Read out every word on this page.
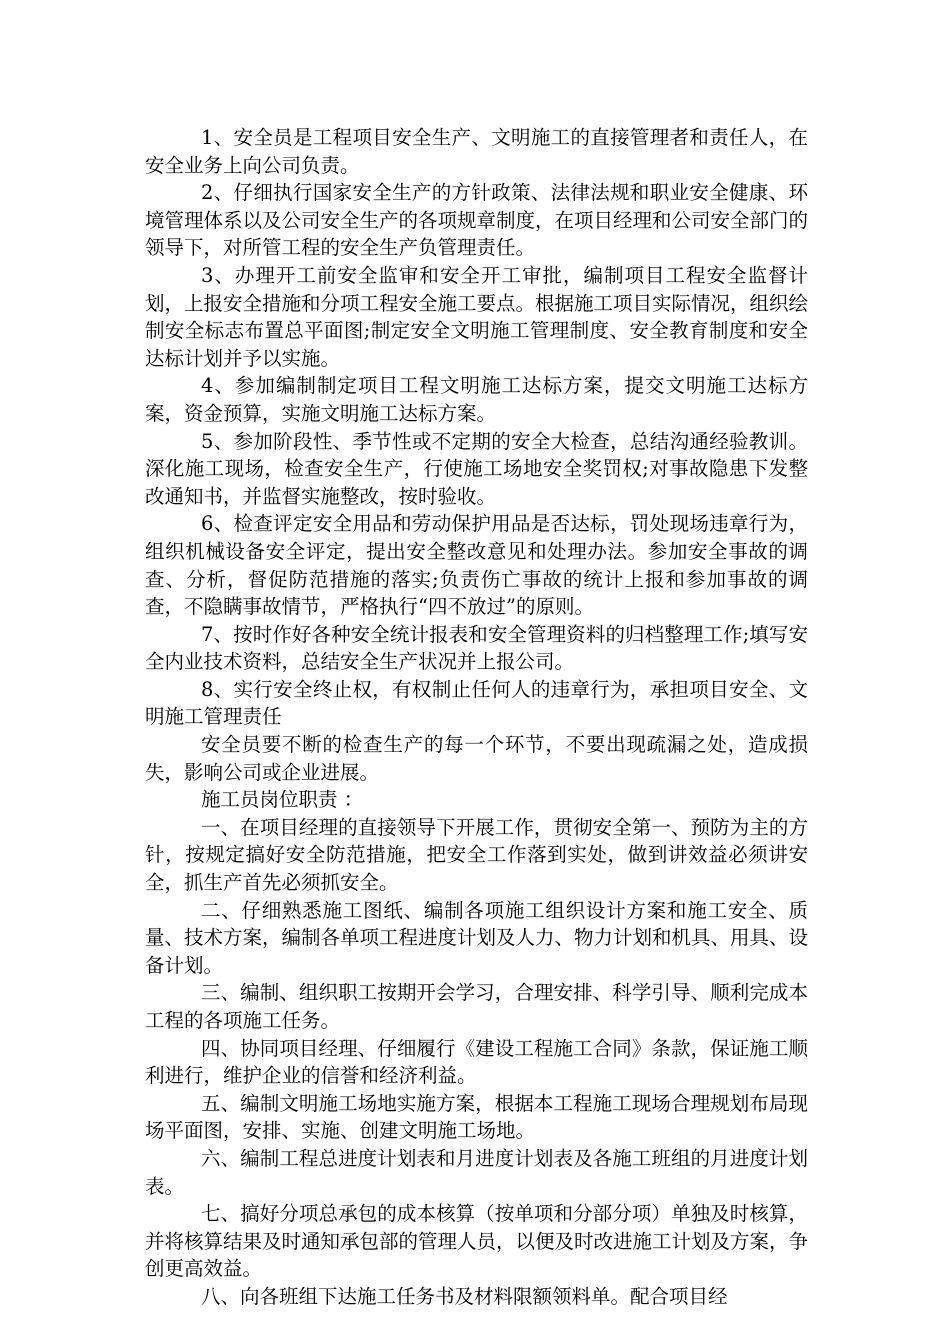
1、安全员是工程项目安全生产、文明施工的直接管理者和责任人，在安全业务上向公司负责。

2、仔细执行国家安全生产的方针政策、法律法规和职业安全健康、环境管理体系以及公司安全生产的各项规章制度，在项目经理和公司安全部门的领导下，对所管工程的安全生产负管理责任。

3、办理开工前安全监审和安全开工审批，编制项目工程安全监督计划，上报安全措施和分项工程安全施工要点。根据施工项目实际情况，组织绘制安全标志布置总平面图;制定安全文明施工管理制度、安全教育制度和安全达标计划并予以实施。

4、参加编制制定项目工程文明施工达标方案，提交文明施工达标方案，资金预算，实施文明施工达标方案。

5、参加阶段性、季节性或不定期的安全大检查，总结沟通经验教训。深化施工现场，检查安全生产，行使施工场地安全奖罚权;对事故隐患下发整改通知书，并监督实施整改，按时验收。

6、检查评定安全用品和劳动保护用品是否达标，罚处现场违章行为，组织机械设备安全评定，提出安全整改意见和处理办法。参加安全事故的调查、分析，督促防范措施的落实;负责伤亡事故的统计上报和参加事故的调查，不隐瞒事故情节，严格执行“四不放过”的原则。

7、按时作好各种安全统计报表和安全管理资料的归档整理工作;填写安全内业技术资料，总结安全生产状况并上报公司。

8、实行安全终止权，有权制止任何人的违章行为，承担项目安全、文明施工管理责任

安全员要不断的检查生产的每一个环节，不要出现疏漏之处，造成损失，影响公司或企业进展。

施工员岗位职责 ：

一、在项目经理的直接领导下开展工作，贯彻安全第一、预防为主的方针，按规定搞好安全防范措施，把安全工作落到实处，做到讲效益必须讲安全，抓生产首先必须抓安全。

二、仔细熟悉施工图纸、编制各项施工组织设计方案和施工安全、质量、技术方案，编制各单项工程进度计划及人力、物力计划和机具、用具、设备计划。

三、编制、组织职工按期开会学习，合理安排、科学引导、顺利完成本工程的各项施工任务。

四、协同项目经理、仔细履行《建设工程施工合同》条款，保证施工顺利进行，维护企业的信誉和经济利益。

五、编制文明施工场地实施方案，根据本工程施工现场合理规划布局现场平面图，安排、实施、创建文明施工场地。

六、编制工程总进度计划表和月进度计划表及各施工班组的月进度计划表。

七、搞好分项总承包的成本核算（按单项和分部分项）单独及时核算，并将核算结果及时通知承包部的管理人员，以便及时改进施工计划及方案，争创更高效益。

八、向各班组下达施工任务书及材料限额领料单。配合项目经
